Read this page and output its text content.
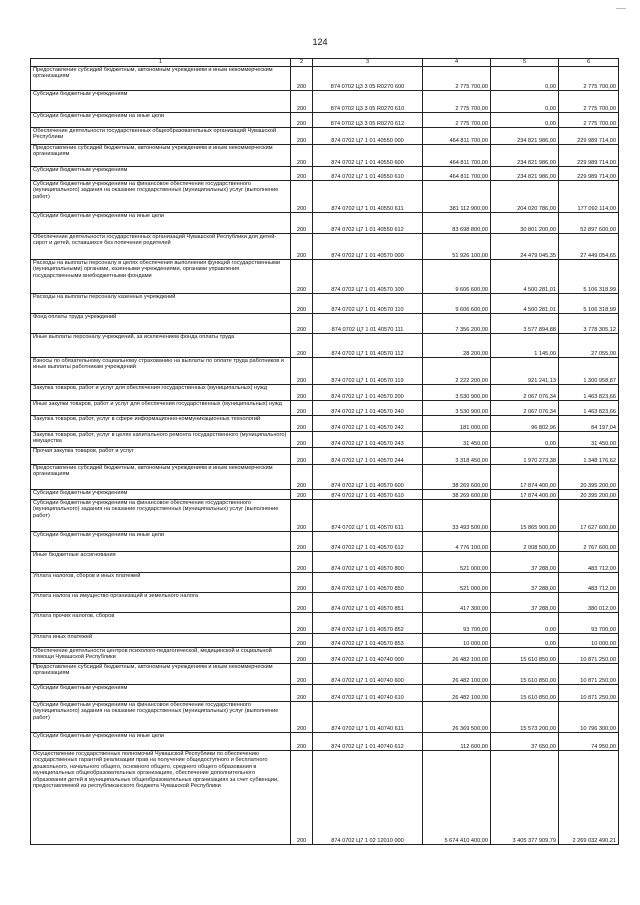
124
1	2	3	4	5	6
Предоставление субсидий бюджетным, автономным учреждениям и иным некоммерческим организациям	200	874 0702 Ц3 3 05 R0270 600	2 775 700,00	0,00	2 775 700,00
Субсидии бюджетным учреждениям	200	874 0702 Ц3 3 05 R0270 610	2 775 700,00	0,00	2 775 700,00
Субсидии бюджетным учреждениям на иные цели	200	874 0702 Ц3 3 05 R0270 612	2 775 700,00	0,00	2 775 700,00
Обеспечение деятельности государственных общеобразовательных организаций Чувашской Республики	200	874 0702 Ц7 1 01 40550 000	464 811 700,00	234 821 986,00	229 989 714,00
Предоставление субсидий бюджетным, автономным учреждениям и иным некоммерческим организациям	200	874 0702 Ц7 1 01 40550 600	464 811 700,00	234 821 986,00	229 989 714,00
Субсидии бюджетным учреждениям	200	874 0702 Ц7 1 01 40550 610	464 811 700,00	234 821 986,00	229 989 714,00
Субсидии бюджетным учреждениям на финансовое обеспечение государственного (муниципального) задания на оказание государственных (муниципальных) услуг (выполнение работ)	200	874 0702 Ц7 1 01 40550 611	381 112 900,00	204 020 786,00	177 092 114,00
Субсидии бюджетным учреждениям на иные цели	200	874 0702 Ц7 1 01 40550 612	83 698 800,00	30 801 200,00	52 897 600,00
Обеспечение деятельности государственных организаций Чувашской Республики для детей-сирот и детей, оставшихся без попечения родителей	200	874 0702 Ц7 1 01 40570 000	51 926 100,00	24 479 045,35	27 449 054,65
Расходы на выплаты персоналу в целях обеспечения выполнения функций государственными (муниципальными) органами, казенными учреждениями, органами управления государственными внебюджетными фондами	200	874 0702 Ц7 1 01 40570 100	9 606 600,00	4 500 281,01	5 106 318,99
Расходы на выплаты персоналу казенных учреждений	200	874 0702 Ц7 1 01 40570 110	9 606 600,00	4 500 281,01	5 106 318,99
Фонд оплаты труда учреждений	200	874 0702 Ц7 1 01 40570 111	7 356 200,00	3 577 894,88	3 778 305,12
Иные выплаты персоналу учреждений, за исключением фонда оплаты труда	200	874 0702 Ц7 1 01 40570 112	28 200,00	1 145,00	27 055,00
Взносы по обязательному социальному страхованию на выплаты по оплате труда работников и иные выплаты работникам учреждений	200	874 0702 Ц7 1 01 40570 119	2 222 200,00	921 241,13	1 300 958,87
Закупка товаров, работ и услуг для обеспечения государственных (муниципальных) нужд	200	874 0702 Ц7 1 01 40570 200	3 530 900,00	2 067 076,34	1 463 823,66
Иные закупки товаров, работ и услуг для обеспечения государственных (муниципальных) нужд	200	874 0702 Ц7 1 01 40570 240	3 530 900,00	2 067 076,34	1 463 823,66
Закупка товаров, работ, услуг в сфере информационно-коммуникационных технологий	200	874 0702 Ц7 1 01 40570 242	181 000,00	96 802,96	84 197,04
Закупка товаров, работ, услуг в целях капитального ремонта государственного (муниципального) имущества	200	874 0702 Ц7 1 01 40570 243	31 450,00	0,00	31 450,00
Прочая закупка товаров, работ и услуг	200	874 0702 Ц7 1 01 40570 244	3 318 450,00	1 970 273,38	1 348 176,62
Предоставление субсидий бюджетным, автономным учреждениям и иным некоммерческим организациям	200	874 0702 Ц7 1 01 40570 600	38 269 600,00	17 874 400,00	20 395 200,00
Субсидии бюджетным учреждениям	200	874 0702 Ц7 1 01 40570 610	38 269 600,00	17 874 400,00	20 395 200,00
Субсидии бюджетным учреждениям на финансовое обеспечение государственного (муниципального) задания на оказание государственных (муниципальных) услуг (выполнение работ)	200	874 0702 Ц7 1 01 40570 611	33 493 500,00	15 865 900,00	17 627 600,00
Субсидии бюджетным учреждениям на иные цели	200	874 0702 Ц7 1 01 40570 612	4 776 100,00	2 008 500,00	2 767 600,00
Иные бюджетные ассигнования	200	874 0702 Ц7 1 01 40570 800	521 000,00	37 288,00	483 712,00
Уплата налогов, сборов и иных платежей	200	874 0702 Ц7 1 01 40570 850	521 000,00	37 288,00	483 712,00
Уплата налога на имущество организаций и земельного налога	200	874 0702 Ц7 1 01 40570 851	417 300,00	37 288,00	380 012,00
Уплата прочих налогов, сборов	200	874 0702 Ц7 1 01 40570 852	93 700,00	0,00	93 700,00
Уплата иных платежей	200	874 0702 Ц7 1 01 40570 853	10 000,00	0,00	10 000,00
Обеспечение деятельности центров психолого-педагогической, медицинской и социальной помощи Чувашской Республики	200	874 0702 Ц7 1 01 40740 000	26 482 100,00	15 610 850,00	10 871 250,00
Предоставление субсидий бюджетным, автономным учреждениям и иным некоммерческим организациям	200	874 0702 Ц7 1 01 40740 600	26 482 100,00	15 610 850,00	10 871 250,00
Субсидии бюджетным учреждениям	200	874 0702 Ц7 1 01 40740 610	26 482 100,00	15 610 850,00	10 871 250,00
Субсидии бюджетным учреждениям на финансовое обеспечение государственного (муниципального) задания на оказание государственных (муниципальных) услуг (выполнение работ)	200	874 0702 Ц7 1 01 40740 611	26 369 500,00	15 573 200,00	10 796 300,00
Субсидии бюджетным учреждениям на иные цели	200	874 0702 Ц7 1 01 40740 612	112 600,00	37 650,00	74 950,00
Осуществление государственных полномочий Чувашской Республики по обеспечению государственных гарантий реализации прав на получение общедоступного и бесплатного дошкольного, начального общего, основного общего, среднего общего образования в муниципальных общеобразовательных организациях, обеспечение дополнительного образования детей в муниципальных общеобразовательных организациях за счет субвенции, предоставляемой из республиканского бюджета Чувашской Республики	200	874 0702 Ц7 1 02 12010 000	5 674 410 400,00	3 405 377 909,79	2 269 032 490,21
